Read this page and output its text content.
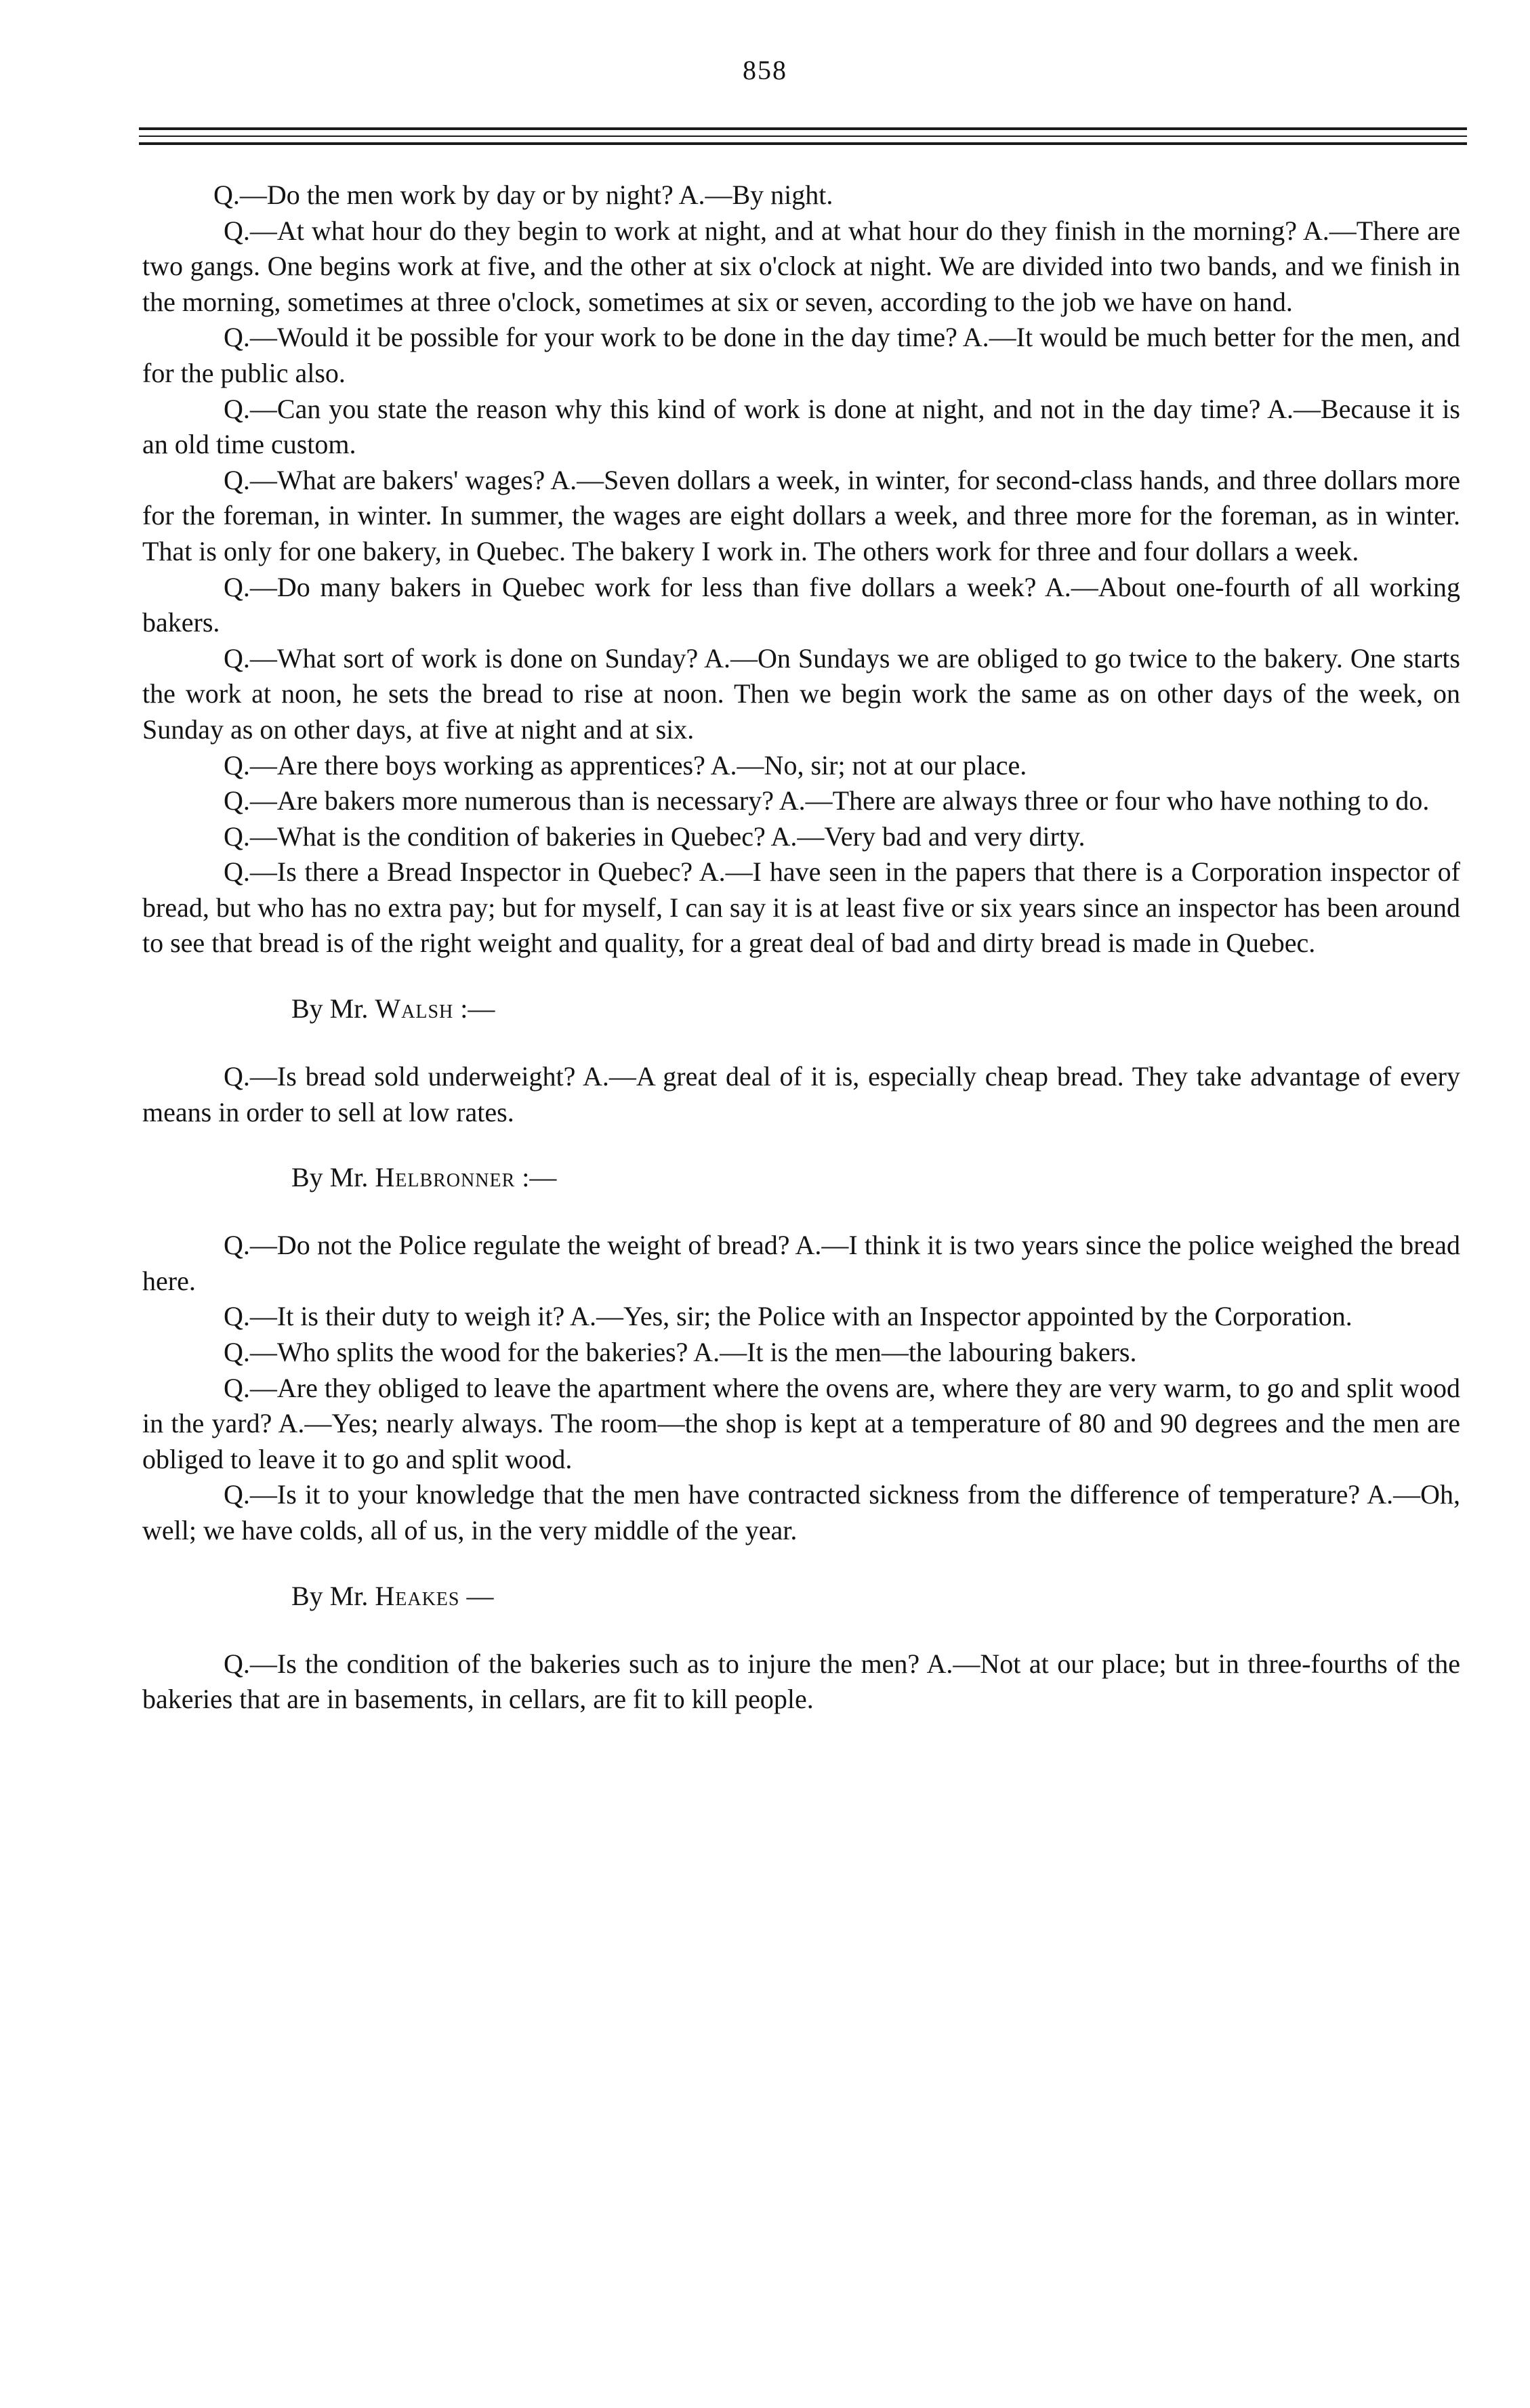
858

Q.—Do the men work by day or by night? A.—By night.

Q.—At what hour do they begin to work at night, and at what hour do they finish in the morning? A.—There are two gangs. One begins work at five, and the other at six o'clock at night. We are divided into two bands, and we finish in the morning, sometimes at three o'clock, sometimes at six or seven, according to the job we have on hand.

Q.—Would it be possible for your work to be done in the day time? A.—It would be much better for the men, and for the public also.

Q.—Can you state the reason why this kind of work is done at night, and not in the day time? A.—Because it is an old time custom.

Q.—What are bakers' wages? A.—Seven dollars a week, in winter, for second-class hands, and three dollars more for the foreman, in winter. In summer, the wages are eight dollars a week, and three more for the foreman, as in winter. That is only for one bakery, in Quebec. The bakery I work in. The others work for three and four dollars a week.

Q.—Do many bakers in Quebec work for less than five dollars a week? A.—About one-fourth of all working bakers.

Q.—What sort of work is done on Sunday? A.—On Sundays we are obliged to go twice to the bakery. One starts the work at noon, he sets the bread to rise at noon. Then we begin work the same as on other days of the week, on Sunday as on other days, at five at night and at six.

Q.—Are there boys working as apprentices? A.—No, sir; not at our place.

Q.—Are bakers more numerous than is necessary? A.—There are always three or four who have nothing to do.

Q.—What is the condition of bakeries in Quebec? A.—Very bad and very dirty.

Q.—Is there a Bread Inspector in Quebec? A.—I have seen in the papers that there is a Corporation inspector of bread, but who has no extra pay; but for myself, I can say it is at least five or six years since an inspector has been around to see that bread is of the right weight and quality, for a great deal of bad and dirty bread is made in Quebec.

By Mr. Walsh :—

Q.—Is bread sold underweight? A.—A great deal of it is, especially cheap bread. They take advantage of every means in order to sell at low rates.

By Mr. Helbronner :—

Q.—Do not the Police regulate the weight of bread? A.—I think it is two years since the police weighed the bread here.

Q.—It is their duty to weigh it? A.—Yes, sir; the Police with an Inspector appointed by the Corporation.

Q.—Who splits the wood for the bakeries? A.—It is the men—the labouring bakers.

Q.—Are they obliged to leave the apartment where the ovens are, where they are very warm, to go and split wood in the yard? A.—Yes; nearly always. The room—the shop is kept at a temperature of 80 and 90 degrees and the men are obliged to leave it to go and split wood.

Q.—Is it to your knowledge that the men have contracted sickness from the difference of temperature? A.—Oh, well; we have colds, all of us, in the very middle of the year.

By Mr. Heakes —

Q.—Is the condition of the bakeries such as to injure the men? A.—Not at our place; but in three-fourths of the bakeries that are in basements, in cellars, are fit to kill people.
